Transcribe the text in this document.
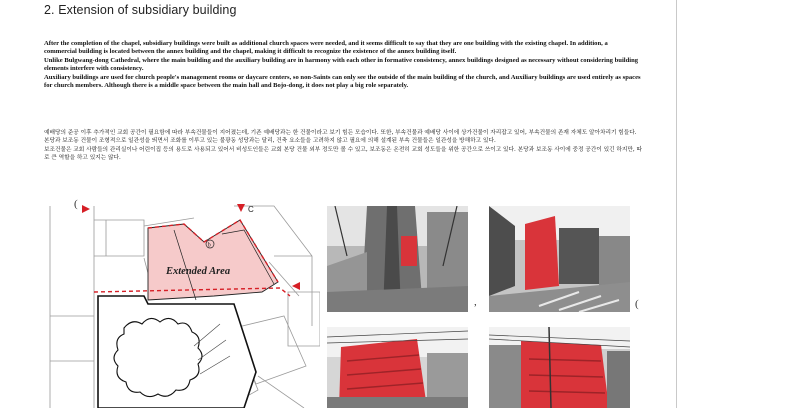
2. Extension of subsidiary building

After the completion of the chapel, subsidiary buildings were built as additional church spaces were needed, and it seems difficult to say that they are one building with the existing chapel. In addition, a commercial building is located between the annex building and the chapel, making it difficult to recognize the existence of the annex building itself.

Unlike Bulgwang-dong Cathedral, where the main building and the auxiliary building are in harmony with each other in formative consistency, annex buildings designed as necessary without considering building elements interfere with consistency.

Auxiliary buildings are used for church people's management rooms or daycare centers, so non-Saints can only see the outside of the main building of the church, and Auxiliary buildings are used entirely as spaces for church members. Although there is a middle space between the main hall and Bojo-dong, it does not play a big role separately.

예배당의 준공 이후 추가적인 교회 공간이 필요함에 따라 부속건물들이 지어졌는데, 기존 예배당과는 한 건물이라고 보기 힘든 모습이다. 또한, 부속건물과 예배당 사이에 상가건물이 자리잡고 있어, 부속건물의 존재 자체도 알아차리기 힘들다. 본당과 보조동 건물이 조형적으로 일관성을 띄면서 조화를 이루고 있는 불광동 성당과는 달리, 건축 요소들을 고려하지 않고 필요에 의해 설계된 부속 건물들은 일관성을 방해하고 있다.

보조건물은 교회 사람들의 관리실이나 어린이집 등의 용도로 사용되고 있어서 비성도인들은 교회 본당 건물 외부 정도만 볼 수 있고, 보조동은 온전히 교회 성도들을 위한 공간으로 쓰이고 있다. 본당과 보조동 사이에 중정 공간이 있긴 하지만, 따로 큰 역할을 하고 있지는 않다.

b
Extended Area
C
(
,	(
